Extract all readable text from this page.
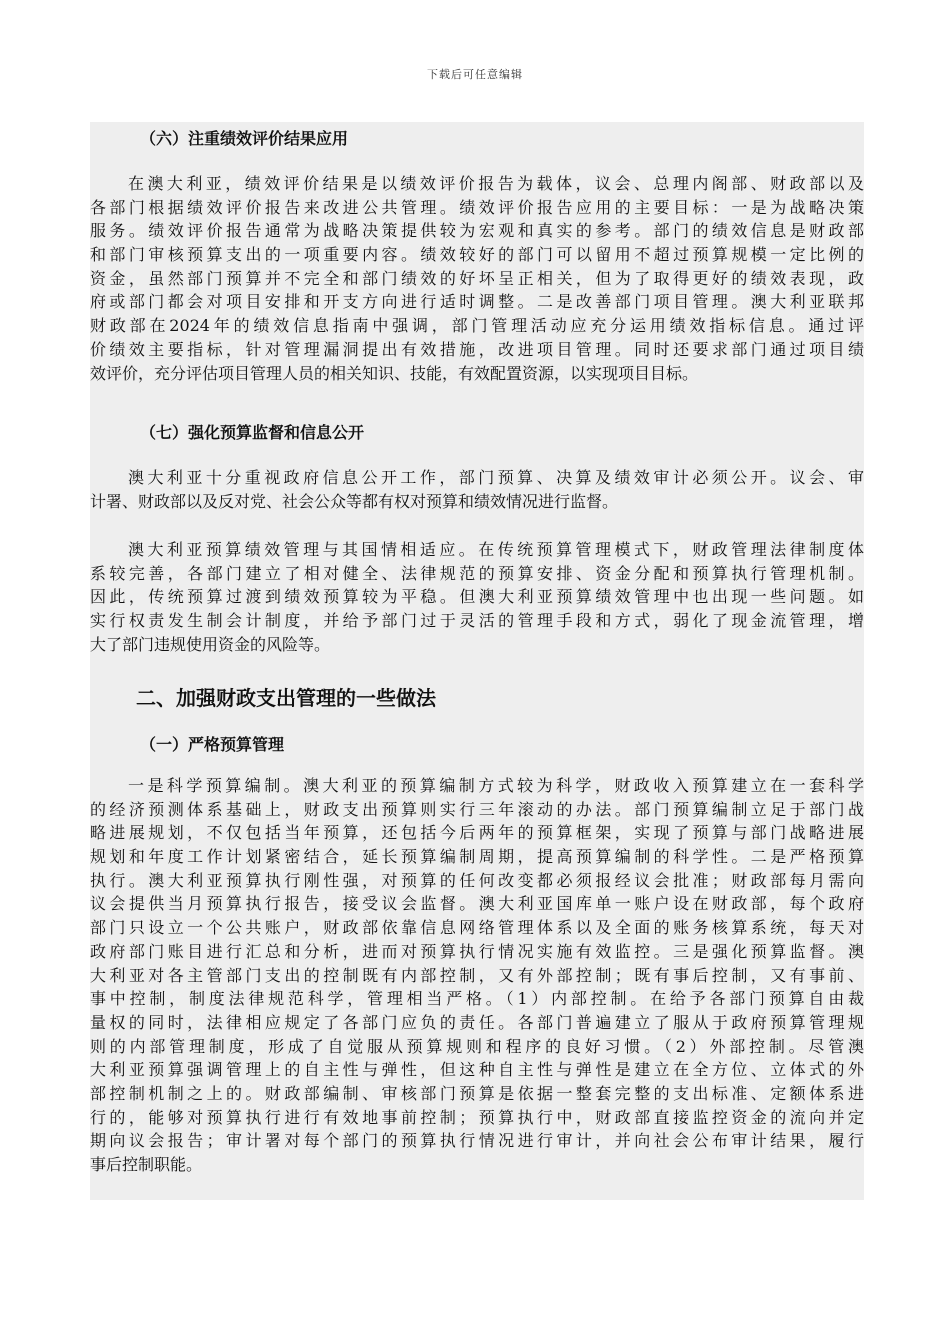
下载后可任意编辑
（六）注重绩效评价结果应用
在澳大利亚，绩效评价结果是以绩效评价报告为载体，议会、总理内阁部、财政部以及
各部门根据绩效评价报告来改进公共管理。绩效评价报告应用的主要目标：一是为战略决策
服务。绩效评价报告通常为战略决策提供较为宏观和真实的参考。部门的绩效信息是财政部
和部门审核预算支出的一项重要内容。绩效较好的部门可以留用不超过预算规模一定比例的
资金，虽然部门预算并不完全和部门绩效的好坏呈正相关，但为了取得更好的绩效表现，政
府或部门都会对项目安排和开支方向进行适时调整。二是改善部门项目管理。澳大利亚联邦
财政部在2024年的绩效信息指南中强调，部门管理活动应充分运用绩效指标信息。通过评
价绩效主要指标，针对管理漏洞提出有效措施，改进项目管理。同时还要求部门通过项目绩
效评价，充分评估项目管理人员的相关知识、技能，有效配置资源，以实现项目目标。
（七）强化预算监督和信息公开
澳大利亚十分重视政府信息公开工作，部门预算、决算及绩效审计必须公开。议会、审
计署、财政部以及反对党、社会公众等都有权对预算和绩效情况进行监督。
澳大利亚预算绩效管理与其国情相适应。在传统预算管理模式下，财政管理法律制度体
系较完善，各部门建立了相对健全、法律规范的预算安排、资金分配和预算执行管理机制。
因此，传统预算过渡到绩效预算较为平稳。但澳大利亚预算绩效管理中也出现一些问题。如
实行权责发生制会计制度，并给予部门过于灵活的管理手段和方式，弱化了现金流管理，增
大了部门违规使用资金的风险等。
二、加强财政支出管理的一些做法
（一）严格预算管理
一是科学预算编制。澳大利亚的预算编制方式较为科学，财政收入预算建立在一套科学
的经济预测体系基础上，财政支出预算则实行三年滚动的办法。部门预算编制立足于部门战
略进展规划，不仅包括当年预算，还包括今后两年的预算框架，实现了预算与部门战略进展
规划和年度工作计划紧密结合，延长预算编制周期，提高预算编制的科学性。二是严格预算
执行。澳大利亚预算执行刚性强，对预算的任何改变都必须报经议会批准；财政部每月需向
议会提供当月预算执行报告，接受议会监督。澳大利亚国库单一账户设在财政部，每个政府
部门只设立一个公共账户，财政部依靠信息网络管理体系以及全面的账务核算系统，每天对
政府部门账目进行汇总和分析，进而对预算执行情况实施有效监控。三是强化预算监督。澳
大利亚对各主管部门支出的控制既有内部控制，又有外部控制；既有事后控制，又有事前、
事中控制，制度法律规范科学，管理相当严格。（1）内部控制。在给予各部门预算自由裁
量权的同时，法律相应规定了各部门应负的责任。各部门普遍建立了服从于政府预算管理规
则的内部管理制度，形成了自觉服从预算规则和程序的良好习惯。（2）外部控制。尽管澳
大利亚预算强调管理上的自主性与弹性，但这种自主性与弹性是建立在全方位、立体式的外
部控制机制之上的。财政部编制、审核部门预算是依据一整套完整的支出标准、定额体系进
行的，能够对预算执行进行有效地事前控制；预算执行中，财政部直接监控资金的流向并定
期向议会报告；审计署对每个部门的预算执行情况进行审计，并向社会公布审计结果，履行
事后控制职能。
